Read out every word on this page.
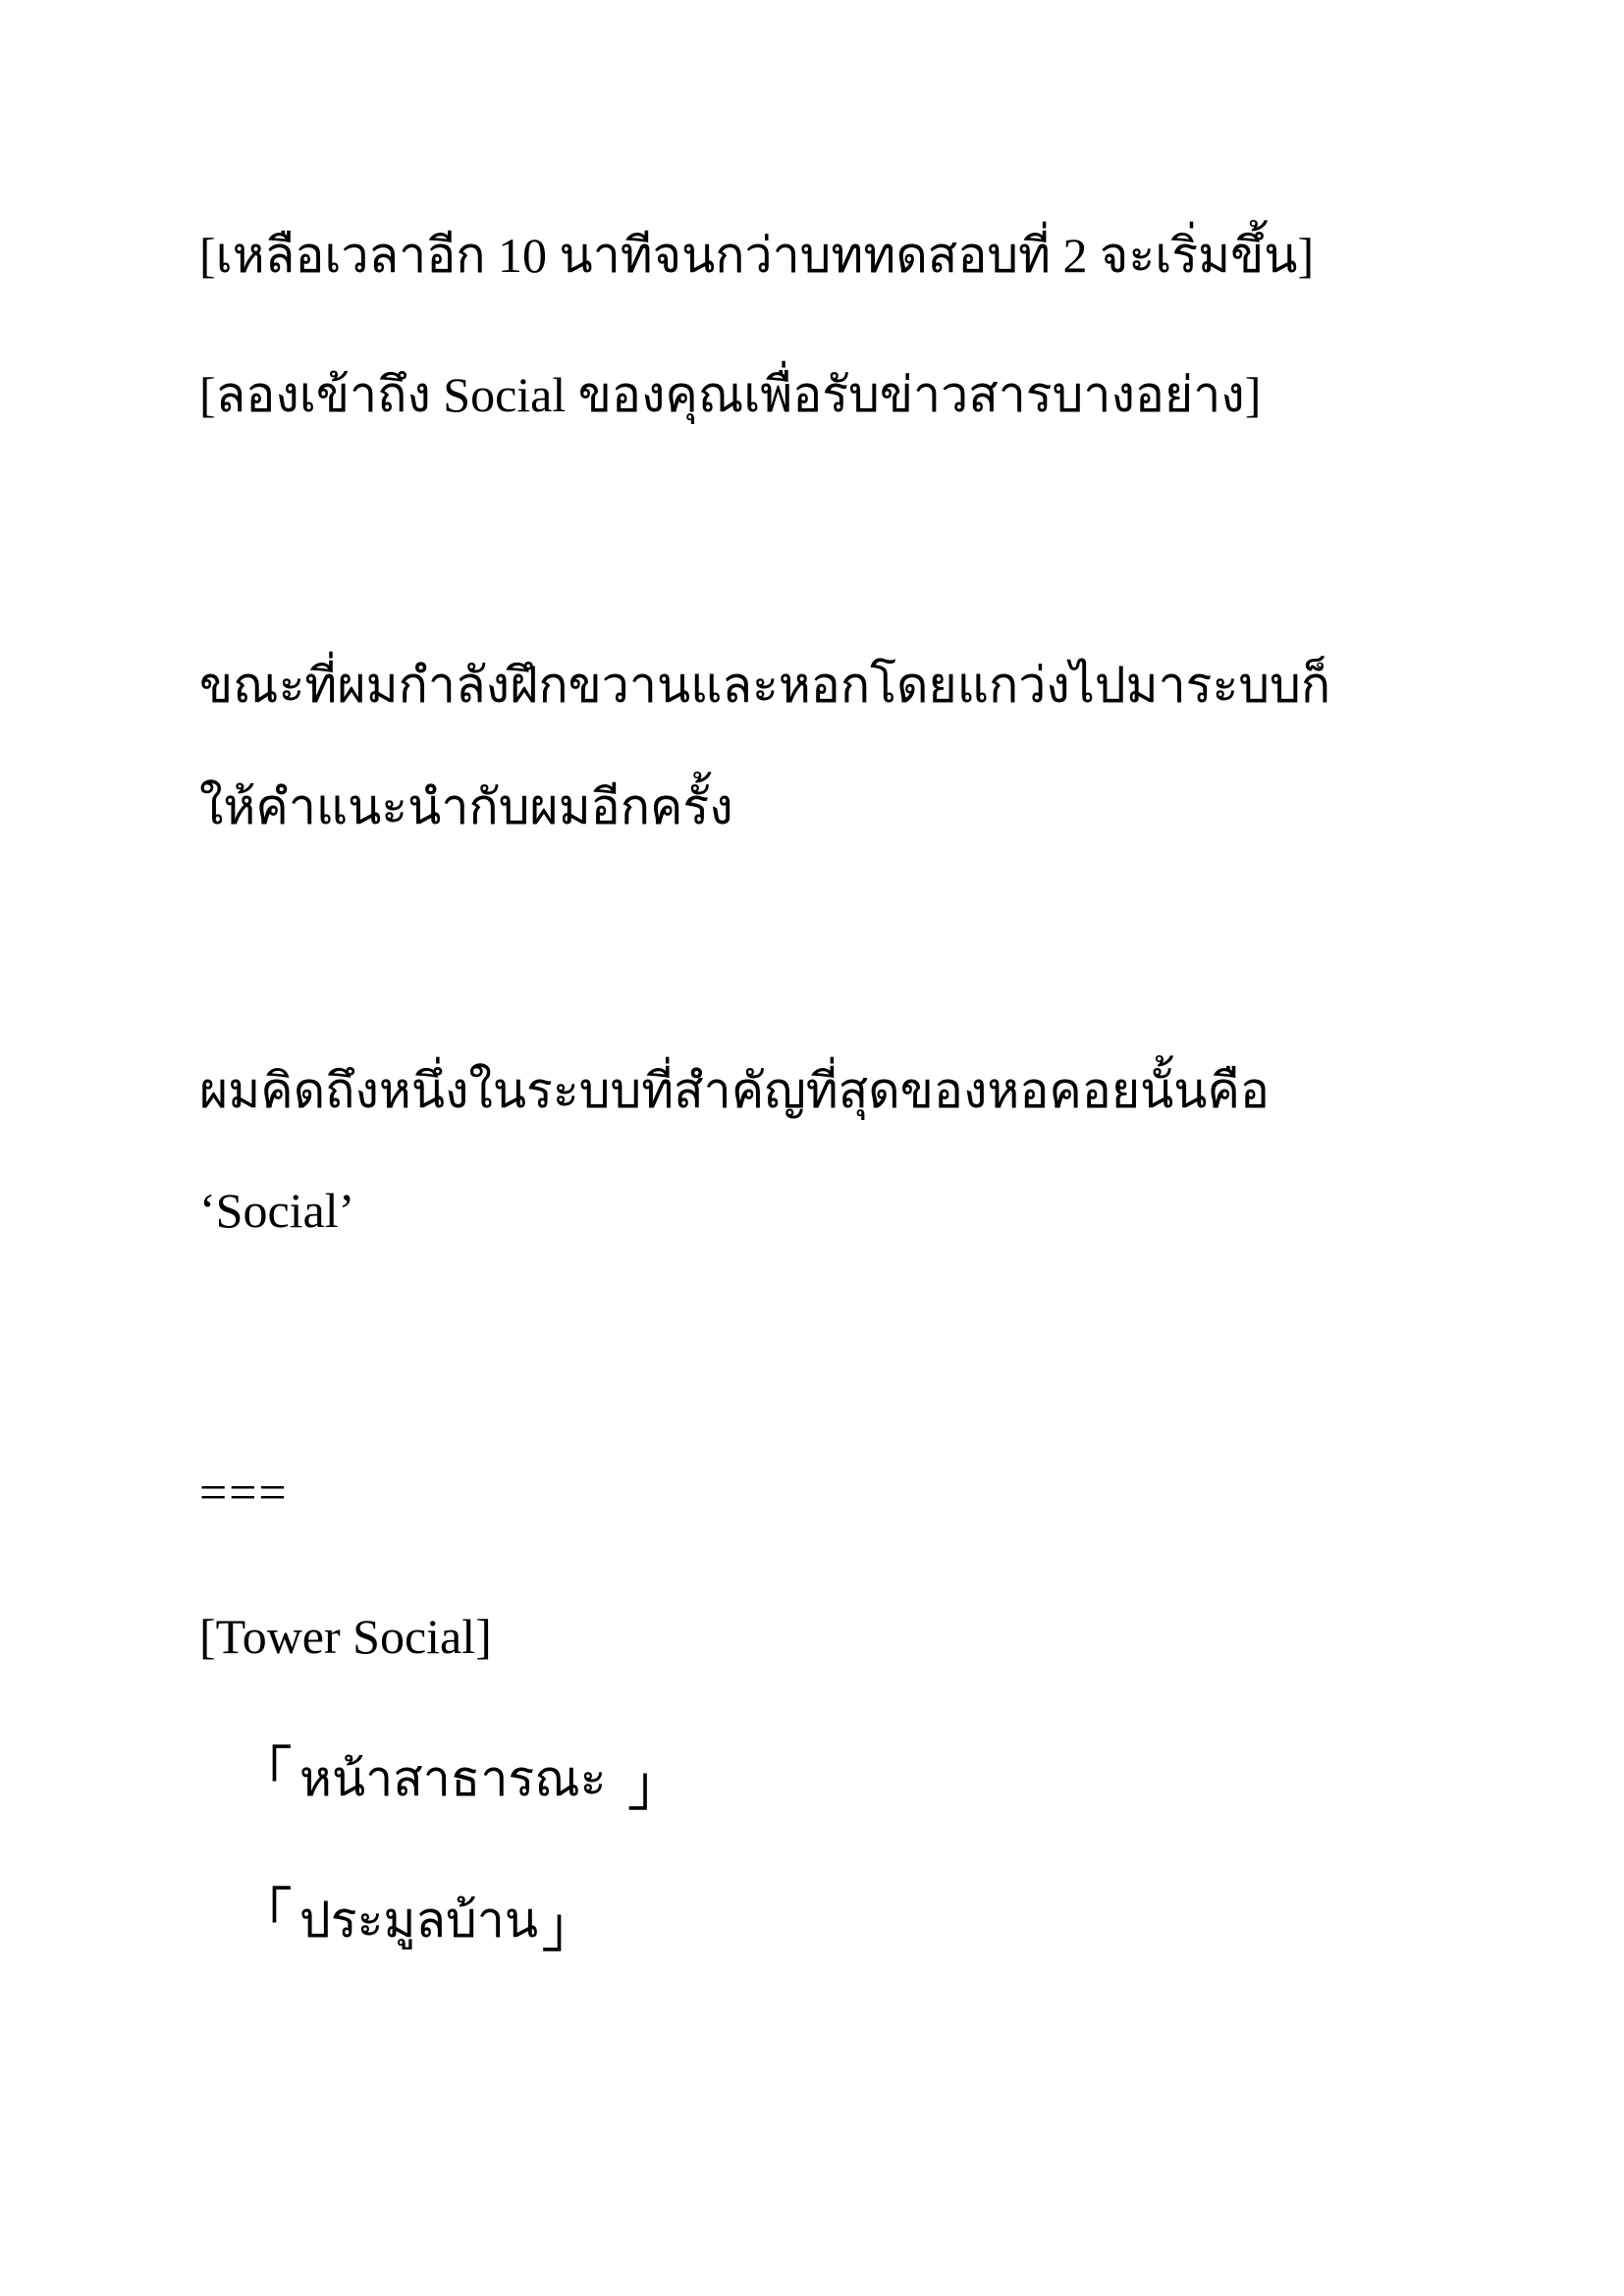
[เหลือเวลาอีก 10 นาทีจนกว่าบททดสอบที่ 2 จะเริ่มขึ้น]
[ลองเข้าถึง Social ของคุณเพื่อรับข่าวสารบางอย่าง]
ขณะที่ผมกำลังฝึกขวานและหอกโดยแกว่งไปมาระบบก็
ให้คำแนะนำกับผมอีกครั้ง
ผมคิดถึงหนึ่งในระบบที่สำคัญที่สุดของหอคอยนั้นคือ
‘Social’
===
[Tower Social]
「 หน้าสาธารณะ 」
「 ประมูลบ้าน 」
